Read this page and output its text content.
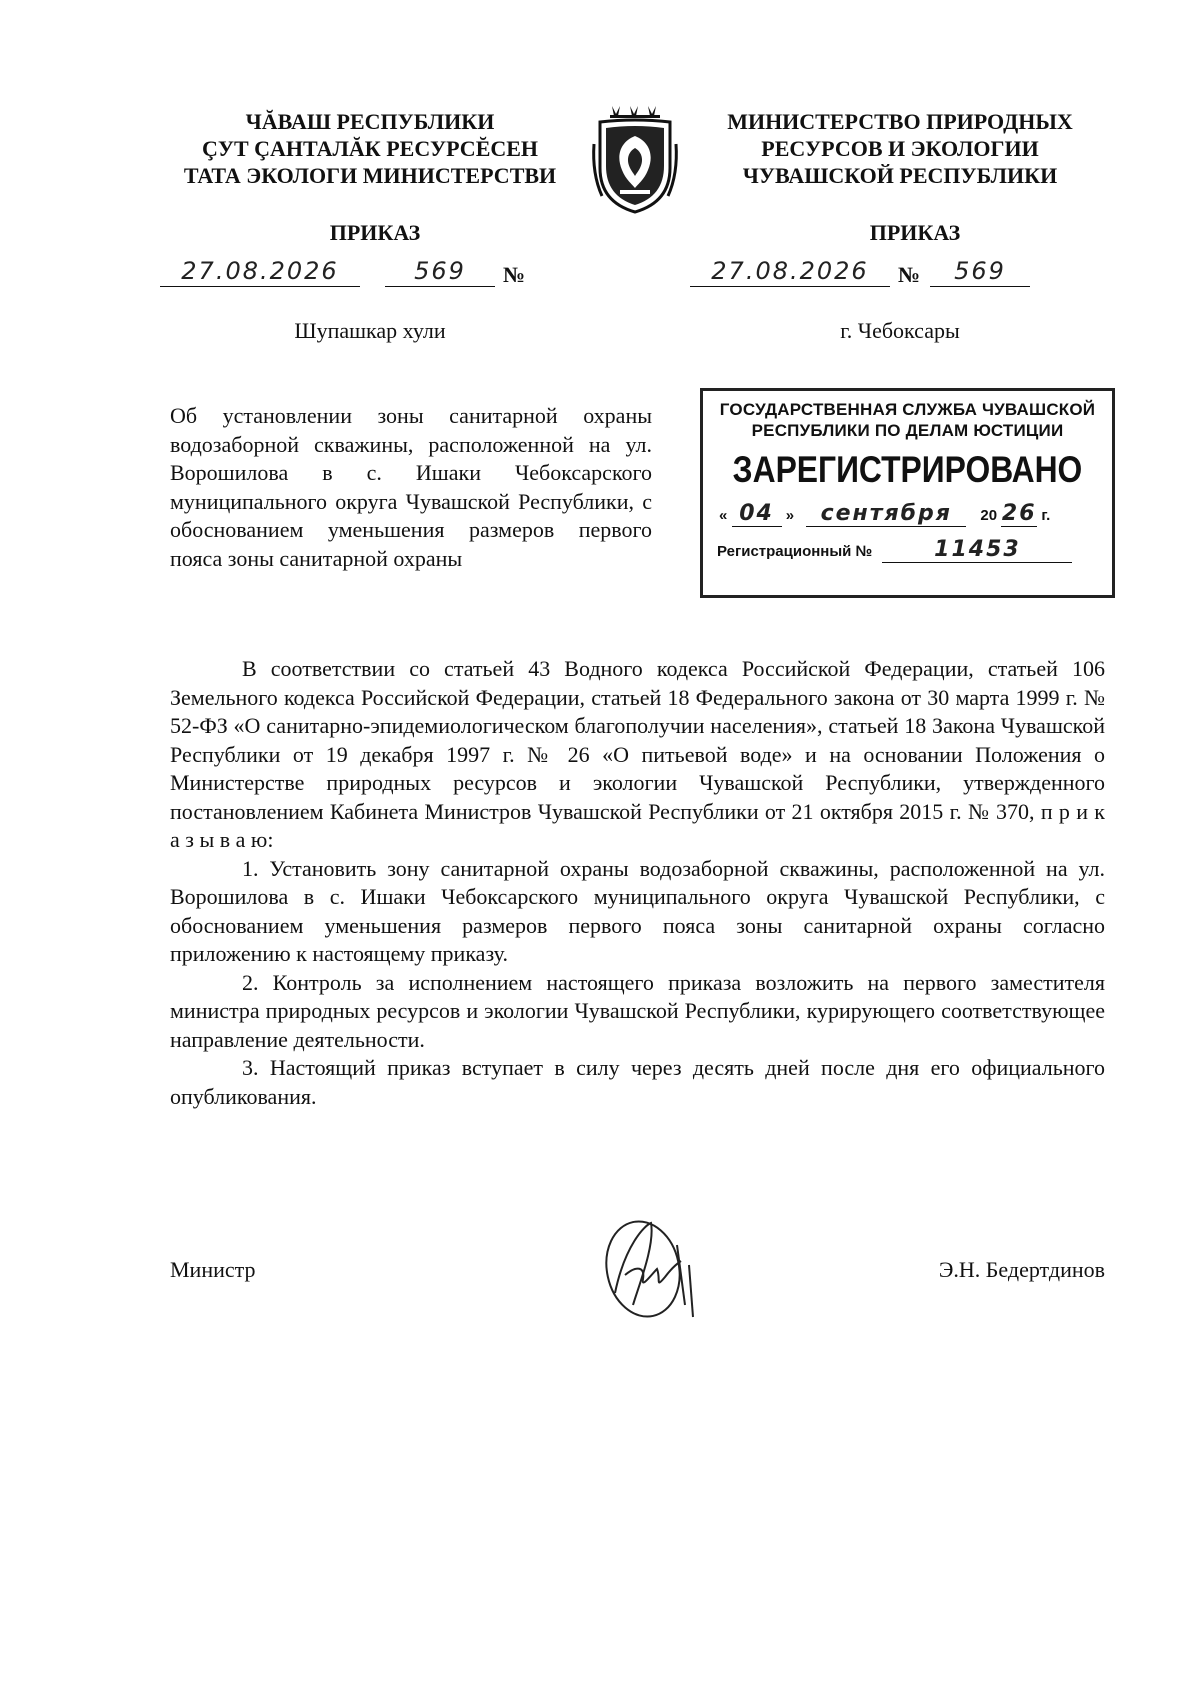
ЧĂВАШ РЕСПУБЛИКИ
ÇУТ ÇАНТАЛĂК РЕСУРСĔСЕН
ТАТА ЭКОЛОГИ МИНИСТЕРСТВИ
МИНИСТЕРСТВО ПРИРОДНЫХ
РЕСУРСОВ И ЭКОЛОГИИ
ЧУВАШСКОЙ РЕСПУБЛИКИ
ПРИКАЗ	ПРИКАЗ
27.08.2026	569	№	27.08.2026	№	569
Шупашкар хули	г. Чебоксары
Об установлении зоны санитарной охраны водозаборной скважины, расположенной на ул. Ворошилова в с. Ишаки Чебоксарского муниципального округа Чувашской Республики, с обоснованием уменьшения размеров первого пояса зоны санитарной охраны
ГОСУДАРСТВЕННАЯ СЛУЖБА ЧУВАШСКОЙ
РЕСПУБЛИКИ ПО ДЕЛАМ ЮСТИЦИИ
ЗАРЕГИСТРИРОВАНО
« 04 » сентября 20 26 г.
Регистрационный №	11453

В соответствии со статьей 43 Водного кодекса Российской Федерации, статьей 106 Земельного кодекса Российской Федерации, статьей 18 Федерального закона от 30 марта 1999 г. № 52-ФЗ «О санитарно-эпидемиологическом благополучии населения», статьей 18 Закона Чувашской Республики от 19 декабря 1997 г. № 26 «О питьевой воде» и на основании Положения о Министерстве природных ресурсов и экологии Чувашской Республики, утвержденного постановлением Кабинета Министров Чувашской Республики от 21 октября 2015 г. № 370, п р и к а з ы в а ю:

1. Установить зону санитарной охраны водозаборной скважины, расположенной на ул. Ворошилова в с. Ишаки Чебоксарского муниципального округа Чувашской Республики, с обоснованием уменьшения размеров первого пояса зоны санитарной охраны согласно приложению к настоящему приказу.

2. Контроль за исполнением настоящего приказа возложить на первого заместителя министра природных ресурсов и экологии Чувашской Республики, курирующего соответствующее направление деятельности.

3. Настоящий приказ вступает в силу через десять дней после дня его официального опубликования.

Министр	Э.Н. Бедертдинов
